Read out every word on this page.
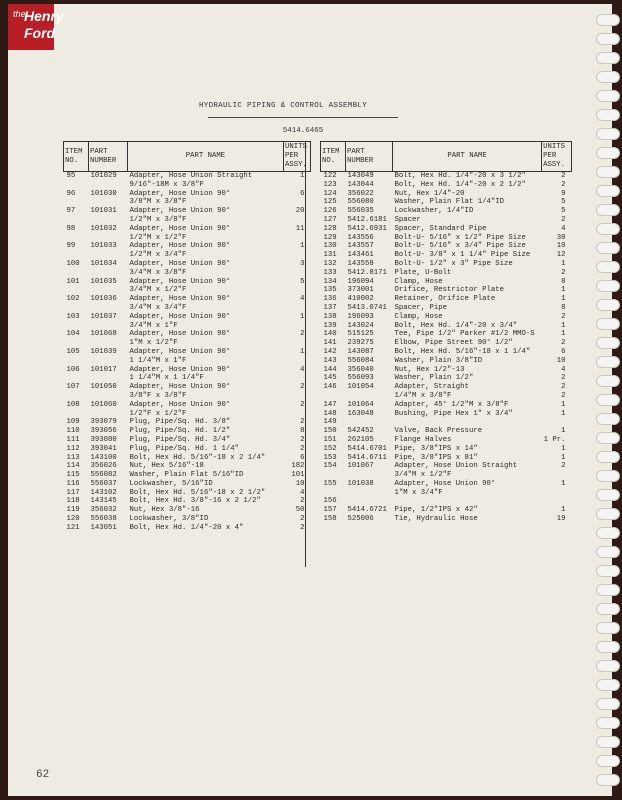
the
Henry
Ford
HYDRAULIC PIPING & CONTROL ASSEMBLY
5414.6465
ITEM NO.	PART NUMBER	PART NAME	UNITS PER ASSY.
95	101029	Adapter, Hose Union Straight	1
		9/16"-18M x 3/8"F	
96	101030	Adapter, Hose Union 90°	6
		3/8"M x 3/8"F	
97	101031	Adapter, Hose Union 90°	20
		1/2"M x 3/8"F	
98	101032	Adapter, Hose Union 90°	11
		1/2"M x 1/2"F	
99	101033	Adapter, Hose Union 90°	1
		1/2"M x 3/4"F	
100	101034	Adapter, Hose Union 90°	3
		3/4"M x 3/8"F	
101	101035	Adapter, Hose Union 90°	5
		3/4"M x 1/2"F	
102	101036	Adapter, Hose Union 90°	4
		3/4"M x 3/4"F	
103	101037	Adapter, Hose Union 90°	1
		3/4"M x 1"F	
104	101068	Adapter, Hose Union 90°	2
		1"M x 1/2"F	
105	101039	Adapter, Hose Union 90°	1
		1 1/4"M x 1"F	
106	101017	Adapter, Hose Union 90°	4
		1 1/4"M x 1 1/4"F	
107	101050	Adapter, Hose Union 90°	2
		3/8"F x 3/8"F	
108	101060	Adapter, Hose Union 90°	2
		1/2"F x 1/2"F	
109	393079	Plug, Pipe/Sq. Hd. 3/8"	2
110	393056	Plug, Pipe/Sq. Hd. 1/2"	8
111	393080	Plug, Pipe/Sq. Hd. 3/4"	2
112	393041	Plug, Pipe/Sq. Hd. 1 1/4"	2
113	143100	Bolt, Hex Hd. 5/16"-18 x 2 1/4"	6
114	356026	Nut, Hex 5/16"-18	182
115	556082	Washer, Plain Flat 5/16"ID	101
116	556037	Lockwasher, 5/16"ID	10
117	143102	Bolt, Hex Hd. 5/16"-18 x 2 1/2"	4
118	143145	Bolt, Hex Hd. 3/8"-16 x 2 1/2"	2
119	356032	Nut, Hex 3/8"-16	50
120	556038	Lockwasher, 3/8"ID	2
121	143051	Bolt, Hex Hd. 1/4"-20 x 4"	2
ITEM NO.	PART NUMBER	PART NAME	UNITS PER ASSY.
122	143049	Bolt, Hex Hd. 1/4"-20 x 3 1/2"	2
123	143044	Bolt, Hex Hd. 1/4"-20 x 2 1/2"	2
124	356022	Nut, Hex 1/4"-20	9
125	556080	Washer, Plain Flat 1/4"ID	5
126	556035	Lockwasher, 1/4"ID	5
127	5412.6181	Spacer	2
128	5412.6931	Spacer, Standard Pipe	4
129	143556	Bolt-U- 5/16" x 1/2" Pipe Size	30
130	143557	Bolt-U- 5/16" x 3/4" Pipe Size	10
131	143461	Bolt-U- 3/8" x 1 1/4" Pipe Size	12
132	143558	Bolt-U- 1/2" x 3" Pipe Size	1
133	5412.8171	Plate, U-Bolt	2
134	196094	Clamp, Hose	8
135	373001	Orifice, Restrictor Plate	1
136	410002	Retainer, Orifice Plate	1
137	5413.0741	Spacer, Pipe	8
138	196093	Clamp, Hose	2
139	143024	Bolt, Hex Hd. 1/4"-20 x 3/4"	1
140	515125	Tee, Pipe 1/2" Parker #1/2 MMO-S	1
141	239275	Elbow, Pipe Street 90° 1/2"	2
142	143087	Bolt, Hex Hd. 5/16"-18 x 1 1/4"	6
143	556084	Washer, Plain 3/8"ID	10
144	356040	Nut, Hex 1/2"-13	4
145	556093	Washer, Plain 1/2"	2
146	101054	Adapter, Straight	2
		1/4"M x 3/8"F	2
147	101064	Adapter, 45° 1/2"M x 3/8"F	1
148	163048	Bushing, Pipe Hex 1" x 3/4"	1
149			
150	542452	Valve, Back Pressure	1
151	262105	Flange Halves	1 Pr.
152	5414.6701	Pipe, 3/8"IPS x 14"	1
153	5414.6711	Pipe, 3/8"IPS x 81"	1
154	101067	Adapter, Hose Union Straight	2
		3/4"M x 1/2"F	
155	101038	Adapter, Hose Union 90°	1
		1"M x 3/4"F	
156			
157	5414.6721	Pipe, 1/2"IPS x 42"	1
158	525006	Tie, Hydraulic Hose	19
62
